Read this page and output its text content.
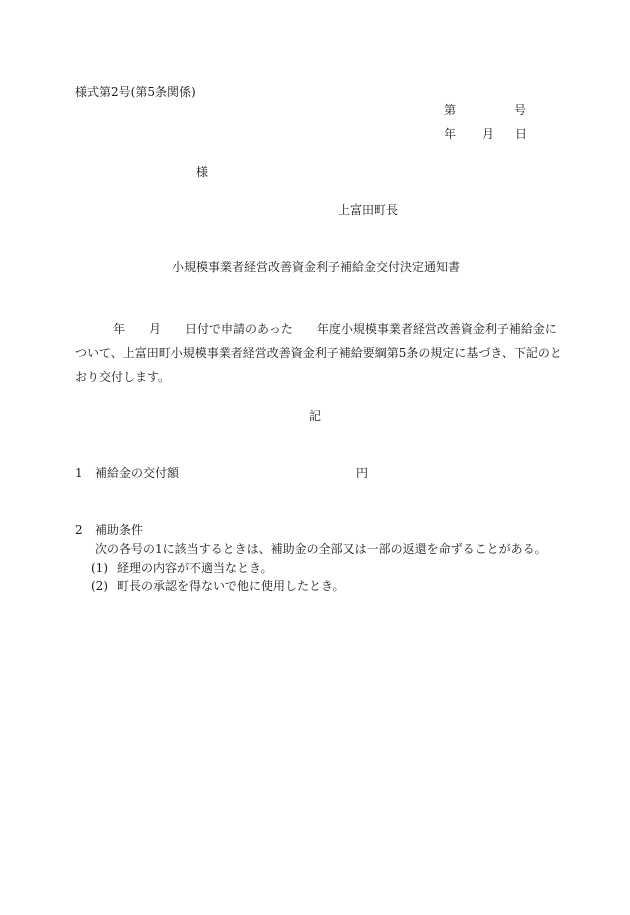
様式第2号(第5条関係)
第	号
年 月 日
様
上富田町長
小規模事業者経営改善資金利子補給金交付決定通知書
年 月 日付で申請のあった 年度小規模事業者経営改善資金利子補給金に
ついて、上富田町小規模事業者経営改善資金利子補給要綱第5条の規定に基づき、下記のと
おり交付します。
記
1 補給金の交付額	円
2 補助条件
次の各号の1に該当するときは、補助金の全部又は一部の返還を命ずることがある。
(1) 経理の内容が不適当なとき。
(2) 町長の承認を得ないで他に使用したとき。
